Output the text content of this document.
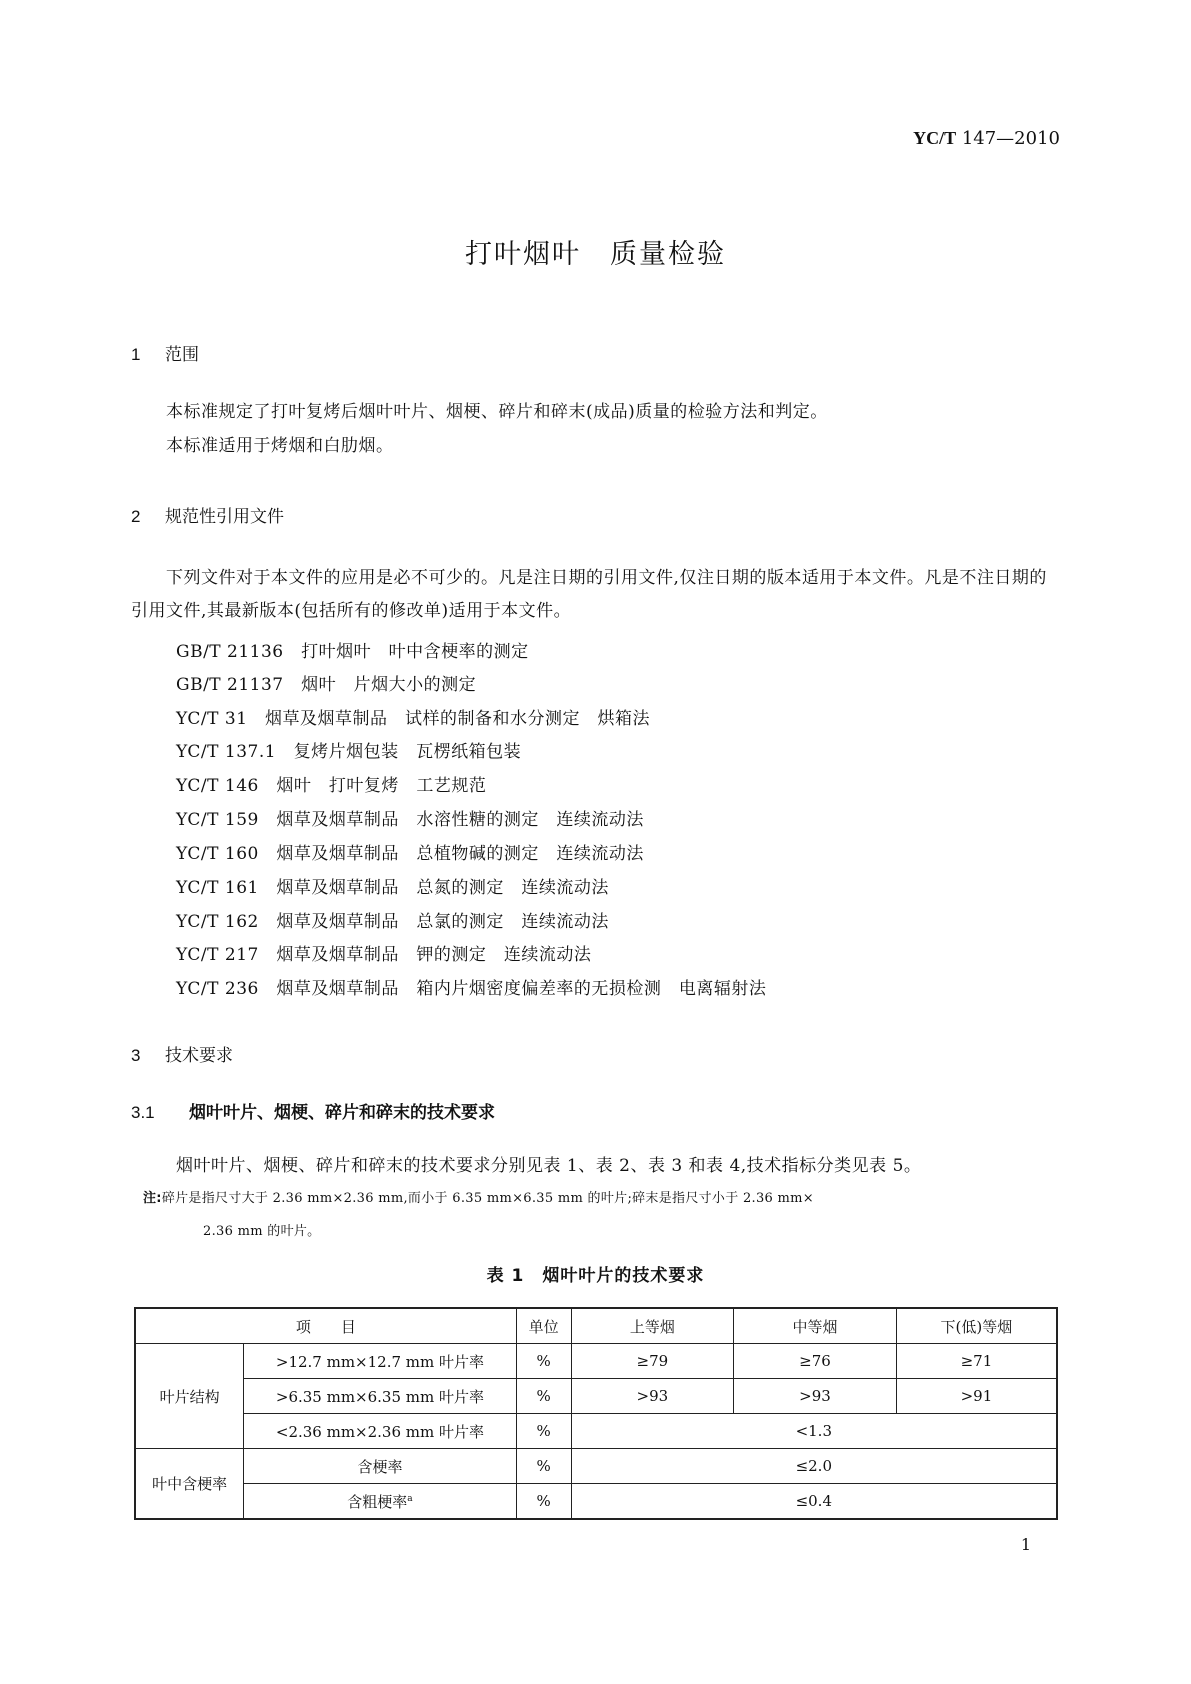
YC/T 147—2010
打叶烟叶　质量检验
1 范围
本标准规定了打叶复烤后烟叶叶片、烟梗、碎片和碎末(成品)质量的检验方法和判定。
本标准适用于烤烟和白肋烟。
2 规范性引用文件
下列文件对于本文件的应用是必不可少的。凡是注日期的引用文件,仅注日期的版本适用于本文件。凡是不注日期的引用文件,其最新版本(包括所有的修改单)适用于本文件。
GB/T 21136　打叶烟叶　叶中含梗率的测定
GB/T 21137　烟叶　片烟大小的测定
YC/T 31　烟草及烟草制品　试样的制备和水分测定　烘箱法
YC/T 137.1　复烤片烟包装　瓦楞纸箱包装
YC/T 146　烟叶　打叶复烤　工艺规范
YC/T 159　烟草及烟草制品　水溶性糖的测定　连续流动法
YC/T 160　烟草及烟草制品　总植物碱的测定　连续流动法
YC/T 161　烟草及烟草制品　总氮的测定　连续流动法
YC/T 162　烟草及烟草制品　总氯的测定　连续流动法
YC/T 217　烟草及烟草制品　钾的测定　连续流动法
YC/T 236　烟草及烟草制品　箱内片烟密度偏差率的无损检测　电离辐射法
3 技术要求
3.1 烟叶叶片、烟梗、碎片和碎末的技术要求
烟叶叶片、烟梗、碎片和碎末的技术要求分别见表 1、表 2、表 3 和表 4,技术指标分类见表 5。
注:碎片是指尺寸大于 2.36 mm×2.36 mm,而小于 6.35 mm×6.35 mm 的叶片;碎末是指尺寸小于 2.36 mm×
2.36 mm 的叶片。
表 1　烟叶叶片的技术要求
项　　目		单位	上等烟	中等烟	下(低)等烟
叶片结构	>12.7 mm×12.7 mm 叶片率	%	≥79	≥76	≥71
	>6.35 mm×6.35 mm 叶片率	%	>93	>93	>91
	<2.36 mm×2.36 mm 叶片率	%	<1.3		
叶中含梗率	含梗率	%	≤2.0		
	含粗梗率$^a$	%	≤0.4		
1
